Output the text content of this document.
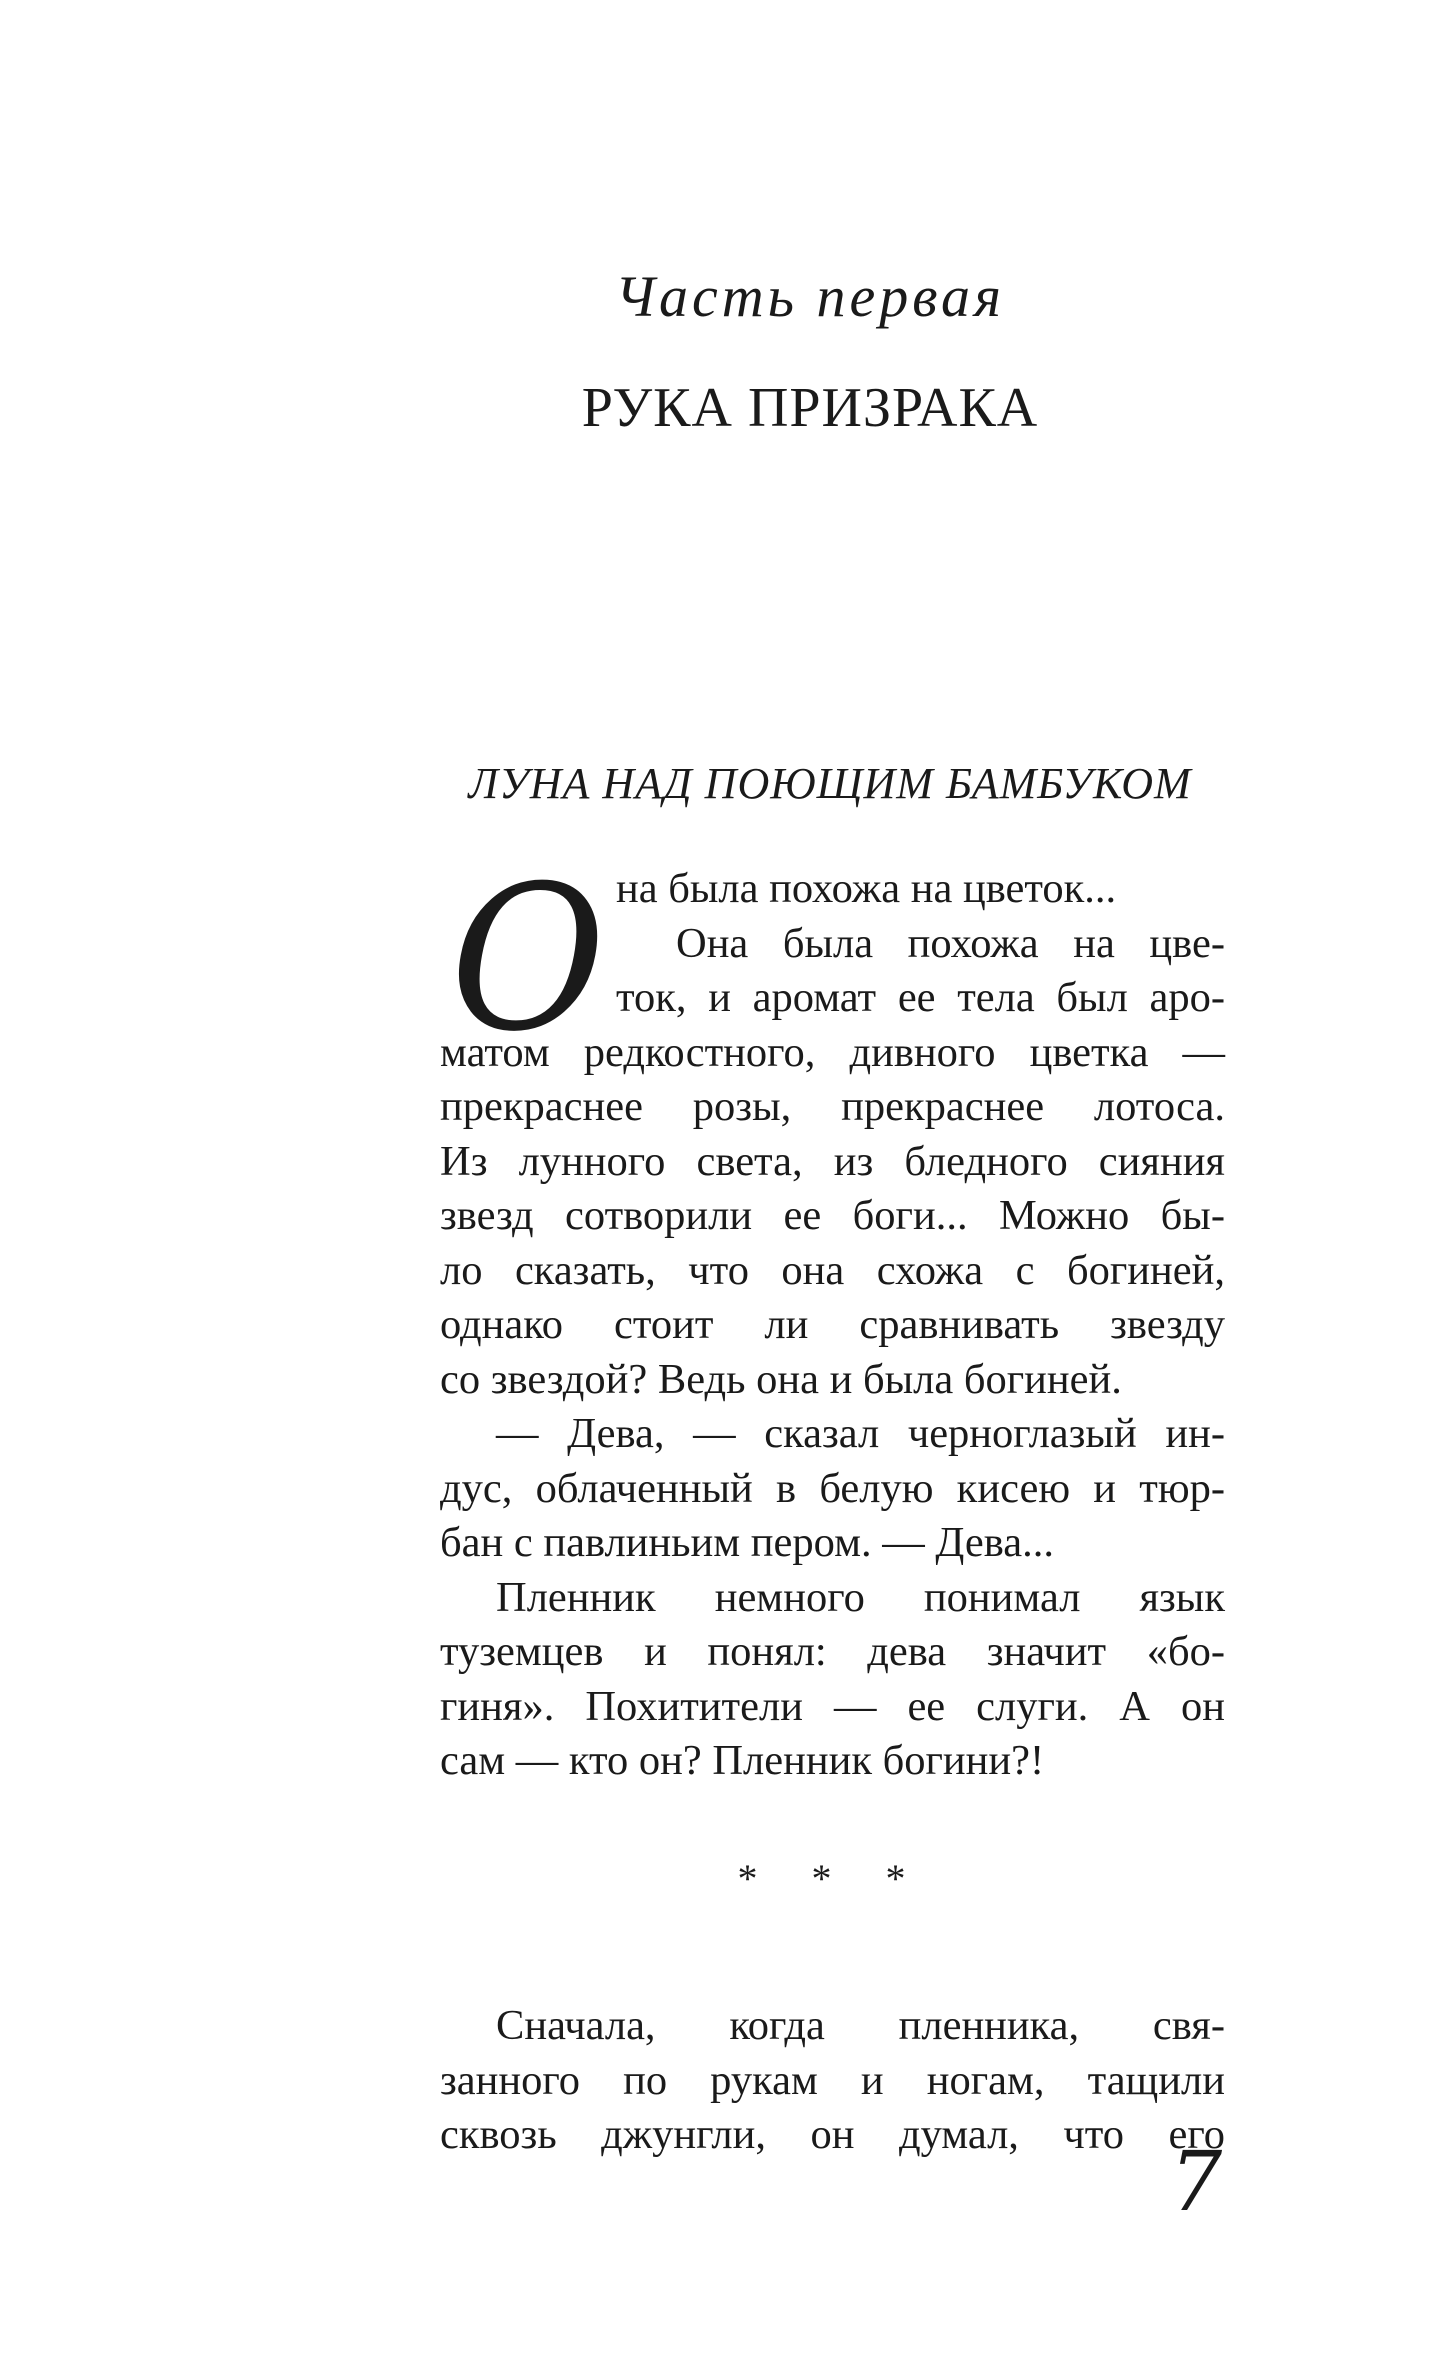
Часть первая
РУКА ПРИЗРАКА
ЛУНА НАД ПОЮЩИМ БАМБУКОМ
О на была похожа на цветок...
Она была похожа на цве-
ток, и аромат ее тела был аро-
матом редкостного, дивного цветка —
прекраснее розы, прекраснее лотоса.
Из лунного света, из бледного сияния
звезд сотворили ее боги... Можно бы-
ло сказать, что она схожа с богиней,
однако стоит ли сравнивать звезду
со звездой? Ведь она и была богиней.
— Дева, — сказал черноглазый ин-
дус, облаченный в белую кисею и тюр-
бан с павлиньим пером. — Дева...
Пленник немного понимал язык
туземцев и понял: дева значит «бо-
гиня». Похитители — ее слуги. А он
сам — кто он? Пленник богини?!
* * *
Сначала, когда пленника, свя-
занного по рукам и ногам, тащили
сквозь джунгли, он думал, что его
7
